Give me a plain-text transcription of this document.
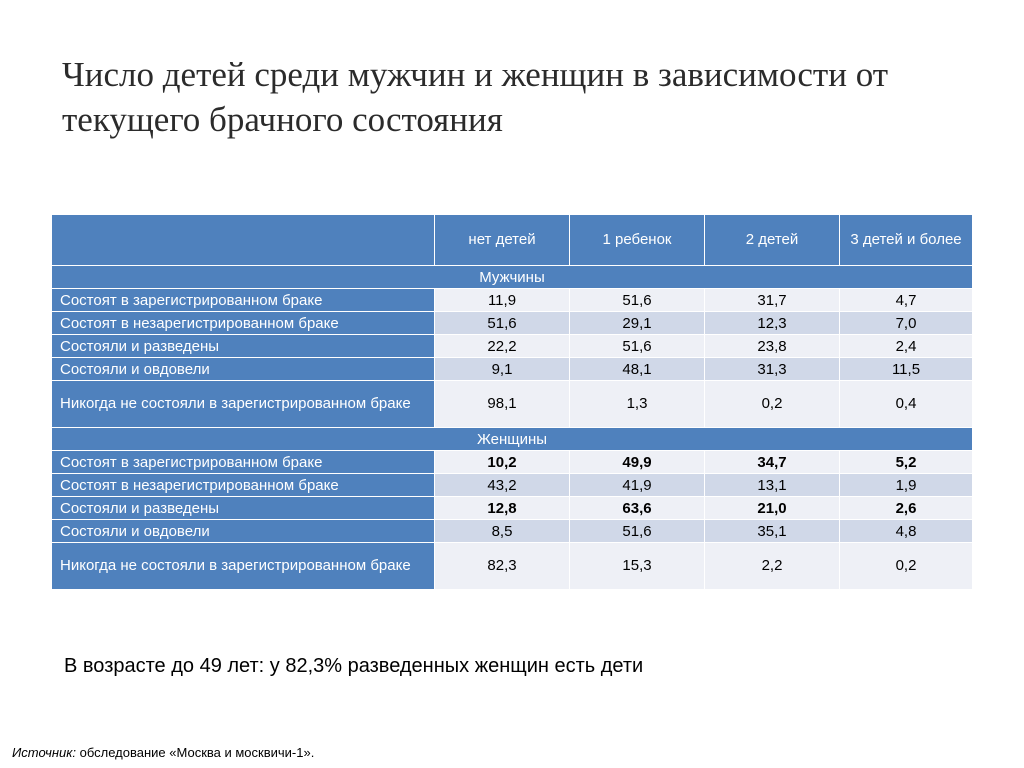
Число детей среди мужчин и женщин в зависимости от текущего брачного состояния
	нет детей	1 ребенок	2 детей	3 детей и более
Мужчины				
Состоят в зарегистрированном браке	11,9	51,6	31,7	4,7
Состоят в незарегистрированном браке	51,6	29,1	12,3	7,0
Состояли и разведены	22,2	51,6	23,8	2,4
Состояли и овдовели	9,1	48,1	31,3	11,5
Никогда не состояли в зарегистрированном браке	98,1	1,3	0,2	0,4
Женщины				
Состоят в зарегистрированном браке	10,2	49,9	34,7	5,2
Состоят в незарегистрированном браке	43,2	41,9	13,1	1,9
Состояли и разведены	12,8	63,6	21,0	2,6
Состояли и овдовели	8,5	51,6	35,1	4,8
Никогда не состояли в зарегистрированном браке	82,3	15,3	2,2	0,2
В возрасте до 49 лет: у 82,3% разведенных женщин есть дети
Источник: обследование «Москва и москвичи-1».
